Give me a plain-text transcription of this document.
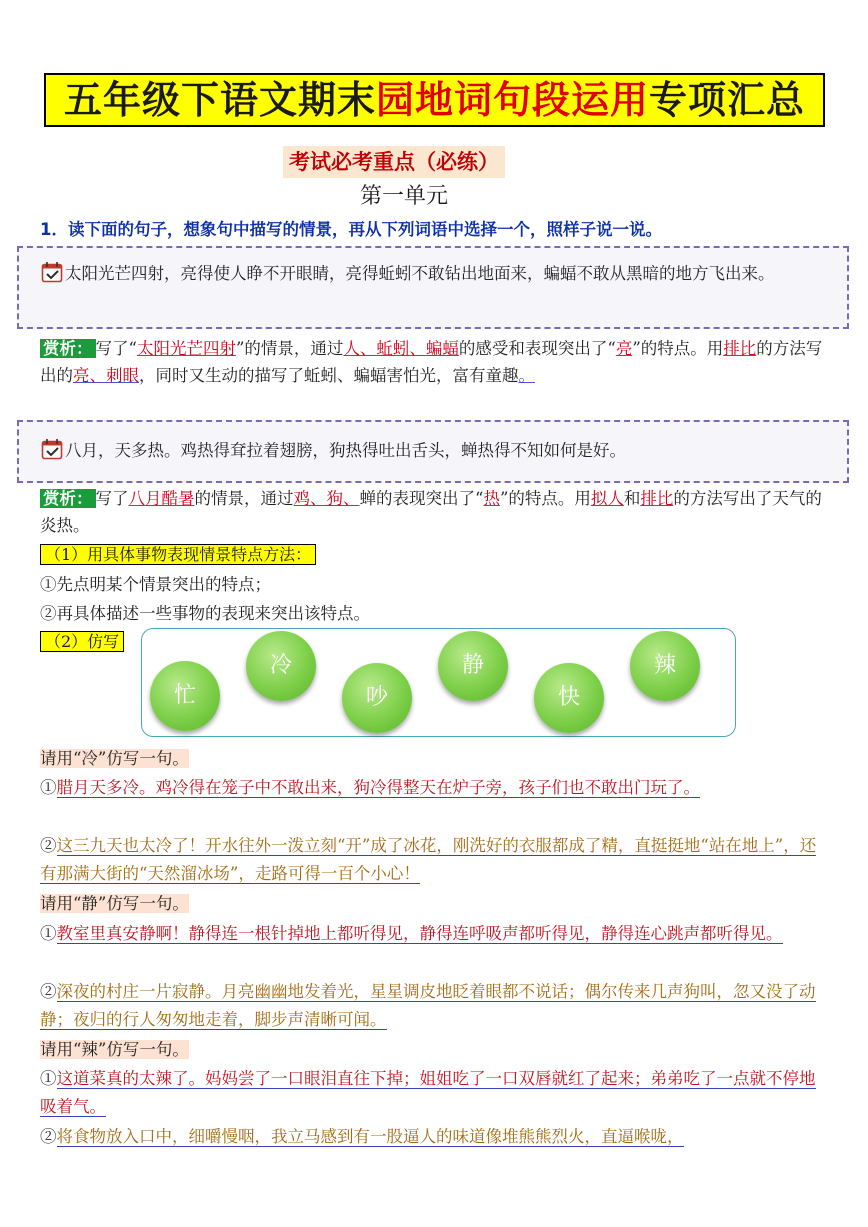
五年级下语文期末园地词句段运用专项汇总
考试必考重点（必练）
第一单元
1．读下面的句子，想象句中描写的情景，再从下列词语中选择一个，照样子说一说。
太阳光芒四射，亮得使人睁不开眼睛，亮得蚯蚓不敢钻出地面来，蝙蝠不敢从黑暗的地方飞出来。
赏析： 写了“太阳光芒四射”的情景，通过人、蚯蚓、蝙蝠的感受和表现突出了“亮”的特点。用排比的方法写出的亮、刺眼，同时又生动的描写了蚯蚓、蝙蝠害怕光，富有童趣。
八月，天多热。鸡热得耷拉着翅膀，狗热得吐出舌头，蝉热得不知如何是好。
赏析： 写了八月酷暑的情景，通过鸡、狗、蝉的表现突出了“热”的特点。用拟人和排比的方法写出了天气的炎热。
（1）用具体事物表现情景特点方法：
①先点明某个情景突出的特点；
②再具体描述一些事物的表现来突出该特点。
（2）仿写
忙
冷
吵
静
快
辣
请用“冷”仿写一句。
①腊月天多冷。鸡冷得在笼子中不敢出来，狗冷得整天在炉子旁，孩子们也不敢出门玩了。
②这三九天也太冷了！开水往外一泼立刻“开”成了冰花，刚洗好的衣服都成了精，直挺挺地“站在地上”，还有那满大街的“天然溜冰场”，走路可得一百个小心！
请用“静”仿写一句。
①教室里真安静啊！静得连一根针掉地上都听得见，静得连呼吸声都听得见，静得连心跳声都听得见。
②深夜的村庄一片寂静。月亮幽幽地发着光，星星调皮地眨着眼都不说话；偶尔传来几声狗叫，忽又没了动静；夜归的行人匆匆地走着，脚步声清晰可闻。
请用“辣”仿写一句。
①这道菜真的太辣了。妈妈尝了一口眼泪直往下掉；姐姐吃了一口双唇就红了起来；弟弟吃了一点就不停地吸着气。
②将食物放入口中，细嚼慢咽，我立马感到有一股逼人的味道像堆熊熊烈火，直逼喉咙，
